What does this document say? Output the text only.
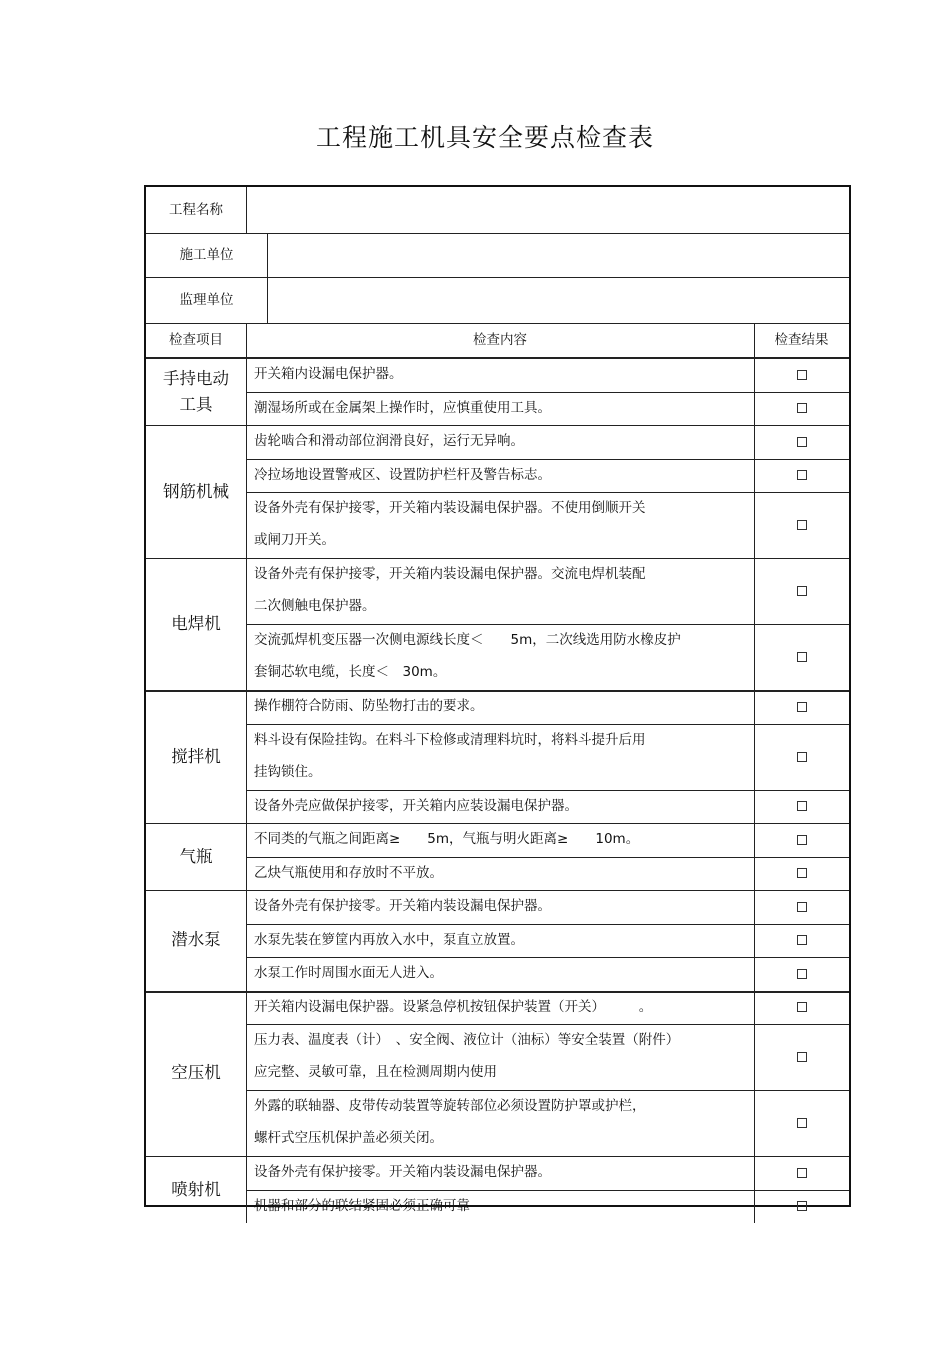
工程施工机具安全要点检查表
工程名称
施工单位
监理单位
检查项目	检查内容	检查结果
开关箱内设漏电保护器。
潮湿场所或在金属架上操作时，应慎重使用工具。
手持电动工具
齿轮啮合和滑动部位润滑良好，运行无异响。
冷拉场地设置警戒区、设置防护栏杆及警告标志。
设备外壳有保护接零，开关箱内装设漏电保护器。不使用倒顺开关
或闸刀开关。
钢筋机械
设备外壳有保护接零，开关箱内装设漏电保护器。交流电焊机装配
二次侧触电保护器。
交流弧焊机变压器一次侧电源线长度＜　　5m，二次线选用防水橡皮护
套铜芯软电缆，长度＜　30m。
电焊机
操作棚符合防雨、防坠物打击的要求。
料斗设有保险挂钩。在料斗下检修或清理料坑时，将料斗提升后用
挂钩锁住。
设备外壳应做保护接零，开关箱内应装设漏电保护器。
搅拌机
不同类的气瓶之间距离≥　　5m，气瓶与明火距离≥　　10m。
乙炔气瓶使用和存放时不平放。
气瓶
设备外壳有保护接零。开关箱内装设漏电保护器。
水泵先装在箩筐内再放入水中，泵直立放置。
水泵工作时周围水面无人进入。
潜水泵
开关箱内设漏电保护器。设紧急停机按钮保护装置（开关）　　　。
压力表、温度表（计）　、安全阀、液位计（油标）等安全装置（附件）
应完整、灵敏可靠，且在检测周期内使用
外露的联轴器、皮带传动装置等旋转部位必须设置防护罩或护栏，
螺杆式空压机保护盖必须关闭。
空压机
设备外壳有保护接零。开关箱内装设漏电保护器。
机器和部分的联结紧固必须正确可靠
喷射机
